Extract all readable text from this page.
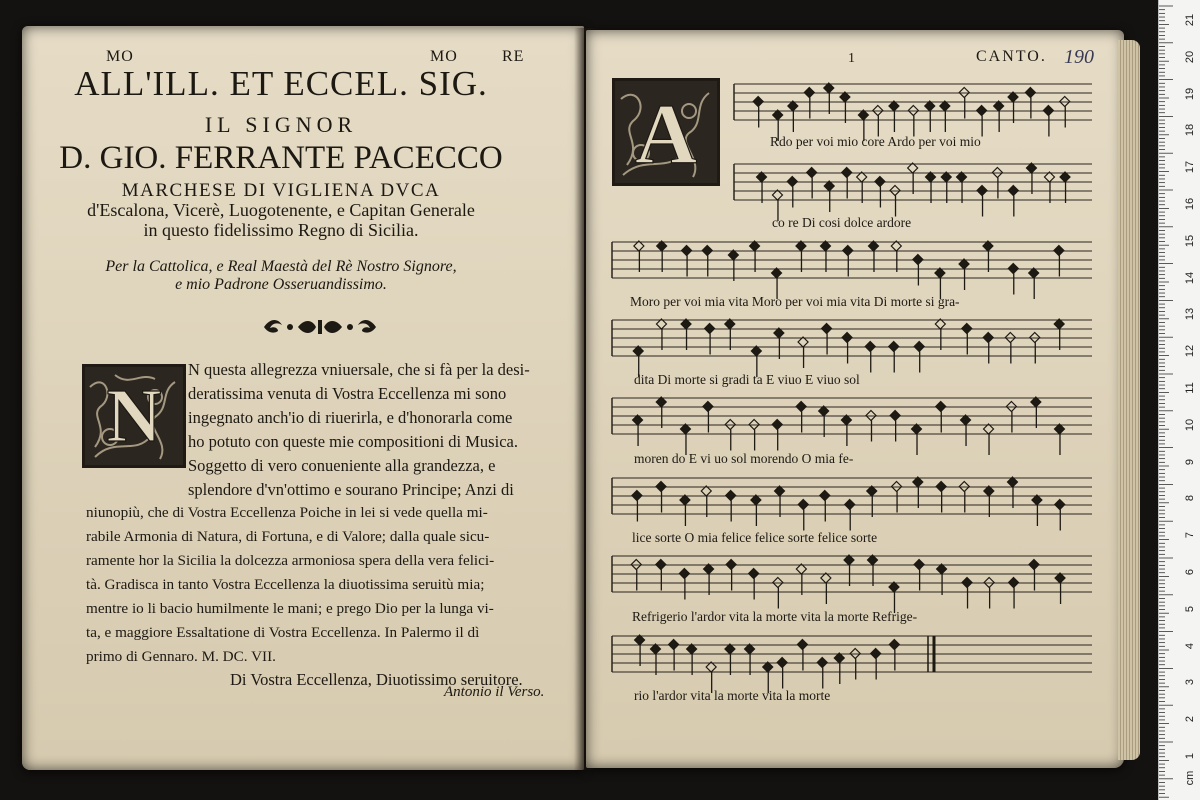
MO	MO	RE
ALL'ILL. ET ECCEL. SIG.
IL SIGNOR
D. GIO. FERRANTE PACECCO
MARCHESE DI VIGLIENA DVCA
d'Escalona, Vicerè, Luogotenente, e Capitan Generale
in questo fidelissimo Regno di Sicilia.
Per la Cattolica, e Real Maestà del Rè Nostro Signore,
e mio Padrone Osseruandissimo.
N
N questa allegrezza vniuersale, che si fà per la desi-
deratissima venuta di Vostra Eccellenza mi sono
ingegnato anch'io di riuerirla, e d'honorarla come
ho potuto con queste mie compositioni di Musica.
Soggetto di vero conueniente alla grandezza, e
splendore d'vn'ottimo e sourano Principe; Anzi di
niunopiù, che di Vostra Eccellenza Poiche in lei si vede quella mi-
rabile Armonia di Natura, di Fortuna, e di Valore; dalla quale sicu-
ramente hor la Sicilia la dolcezza armoniosa spera della vera felici-
tà. Gradisca in tanto Vostra Eccellenza la diuotissima seruitù mia;
mentre io li bacio humilmente le mani; e prego Dio per la lunga vi-
ta, e maggiore Essaltatione di Vostra Eccellenza. In Palermo il dì
primo di Gennaro. M. DC. VII.
Di Vostra Eccellenza, Diuotissimo seruitore.
Antonio il Verso.
1	CANTO. 190
A	Rdo per voi mio core Ardo per voi mio
co re Di cosi dolce ardore
Moro per voi mia vita Moro per voi mia vita Di morte si gra-
dita Di morte si gradi ta E viuo E viuo sol
moren do E vi uo sol morendo O mia fe-
lice sorte O mia felice felice sorte felice sorte
Refrigerio l'ardor vita la morte vita la morte Refrige-
rio l'ardor vita la morte vita la morte
21
20
19
18
17
16
15
14
13
12
11
10
9
8
7
6
5
4
3
2
1
cm
